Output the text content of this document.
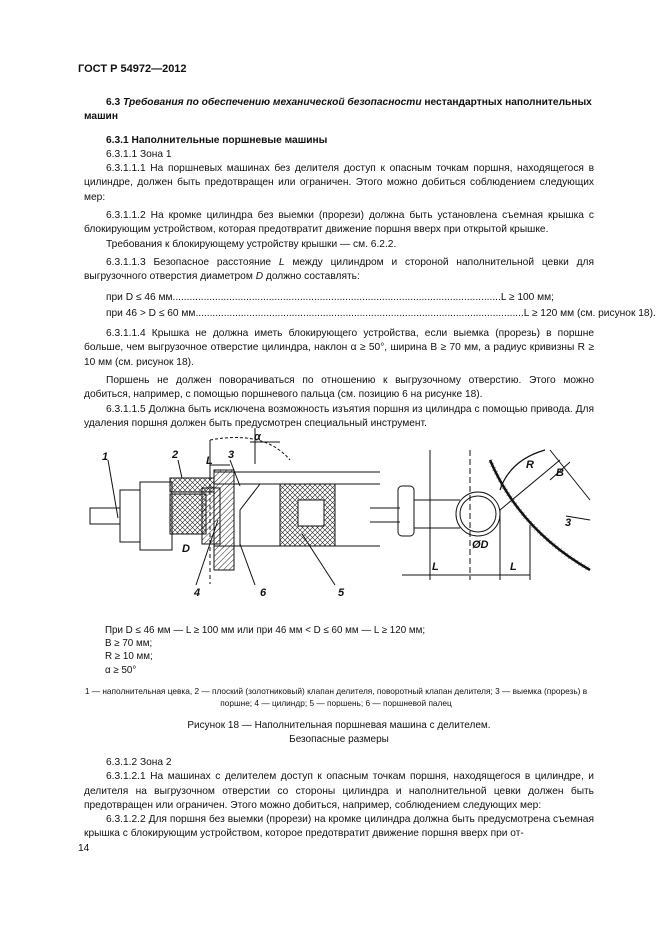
ГОСТ Р 54972—2012

6.3 Требования по обеспечению механической безопасности нестандартных наполнительных машин

6.3.1 Наполнительные поршневые машины

6.3.1.1 Зона 1

6.3.1.1.1 На поршневых машинах без делителя доступ к опасным точкам поршня, находящегося в цилиндре, должен быть предотвращен или ограничен. Этого можно добиться соблюдением следующих мер:

6.3.1.1.2 На кромке цилиндра без выемки (прорези) должна быть установлена съемная крышка с блокирующим устройством, которая предотвратит движение поршня вверх при открытой крышке.

Требования к блокирующему устройству крышки — см. 6.2.2.

6.3.1.1.3 Безопасное расстояние L между цилиндром и стороной наполнительной цевки для выгрузочного отверстия диаметром D должно составлять:

при D ≤ 46 мм .................................................................................................................... L ≥ 100 мм;
при 46 > D ≤ 60 мм .................................................................................................................... L ≥ 120 мм (см. рисунок 18).

6.3.1.1.4 Крышка не должна иметь блокирующего устройства, если выемка (прорезь) в поршне больше, чем выгрузочное отверстие цилиндра, наклон α ≥ 50°, ширина B ≥ 70 мм, а радиус кривизны R ≥ 10 мм (см. рисунок 18).

Поршень не должен поворачиваться по отношению к выгрузочному отверстию. Этого можно добиться, например, с помощью поршневого пальца (см. позицию 6 на рисунке 18).

6.3.1.1.5 Должна быть исключена возможность изъятия поршня из цилиндра с помощью привода. Для удаления поршня должен быть предусмотрен специальный инструмент.

1	2	L 3
α
D
4	6	5
R
B
3
ØD
L	L

При D ≤ 46 мм — L ≥ 100 мм или при 46 мм < D ≤ 60 мм — L ≥ 120 мм;

B ≥ 70 мм;

R ≥ 10 мм;

α ≥ 50°

1 — наполнительная цевка, 2 — плоский (золотниковый) клапан делителя, поворотный клапан делителя; 3 — выемка (прорезь) в поршне; 4 — цилиндр; 5 — поршень; 6 — поршневой палец

Рисунок 18 — Наполнительная поршневая машина с делителем.

Безопасные размеры

6.3.1.2 Зона 2

6.3.1.2.1 На машинах с делителем доступ к опасным точкам поршня, находящегося в цилиндре, и делителя на выгрузочном отверстии со стороны цилиндра и наполнительной цевки должен быть предотвращен или ограничен. Этого можно добиться, например, соблюдением следующих мер:

6.3.1.2.2 Для поршня без выемки (прорези) на кромке цилиндра должна быть предусмотрена съемная крышка с блокирующим устройством, которое предотвратит движение поршня вверх при от-

14
